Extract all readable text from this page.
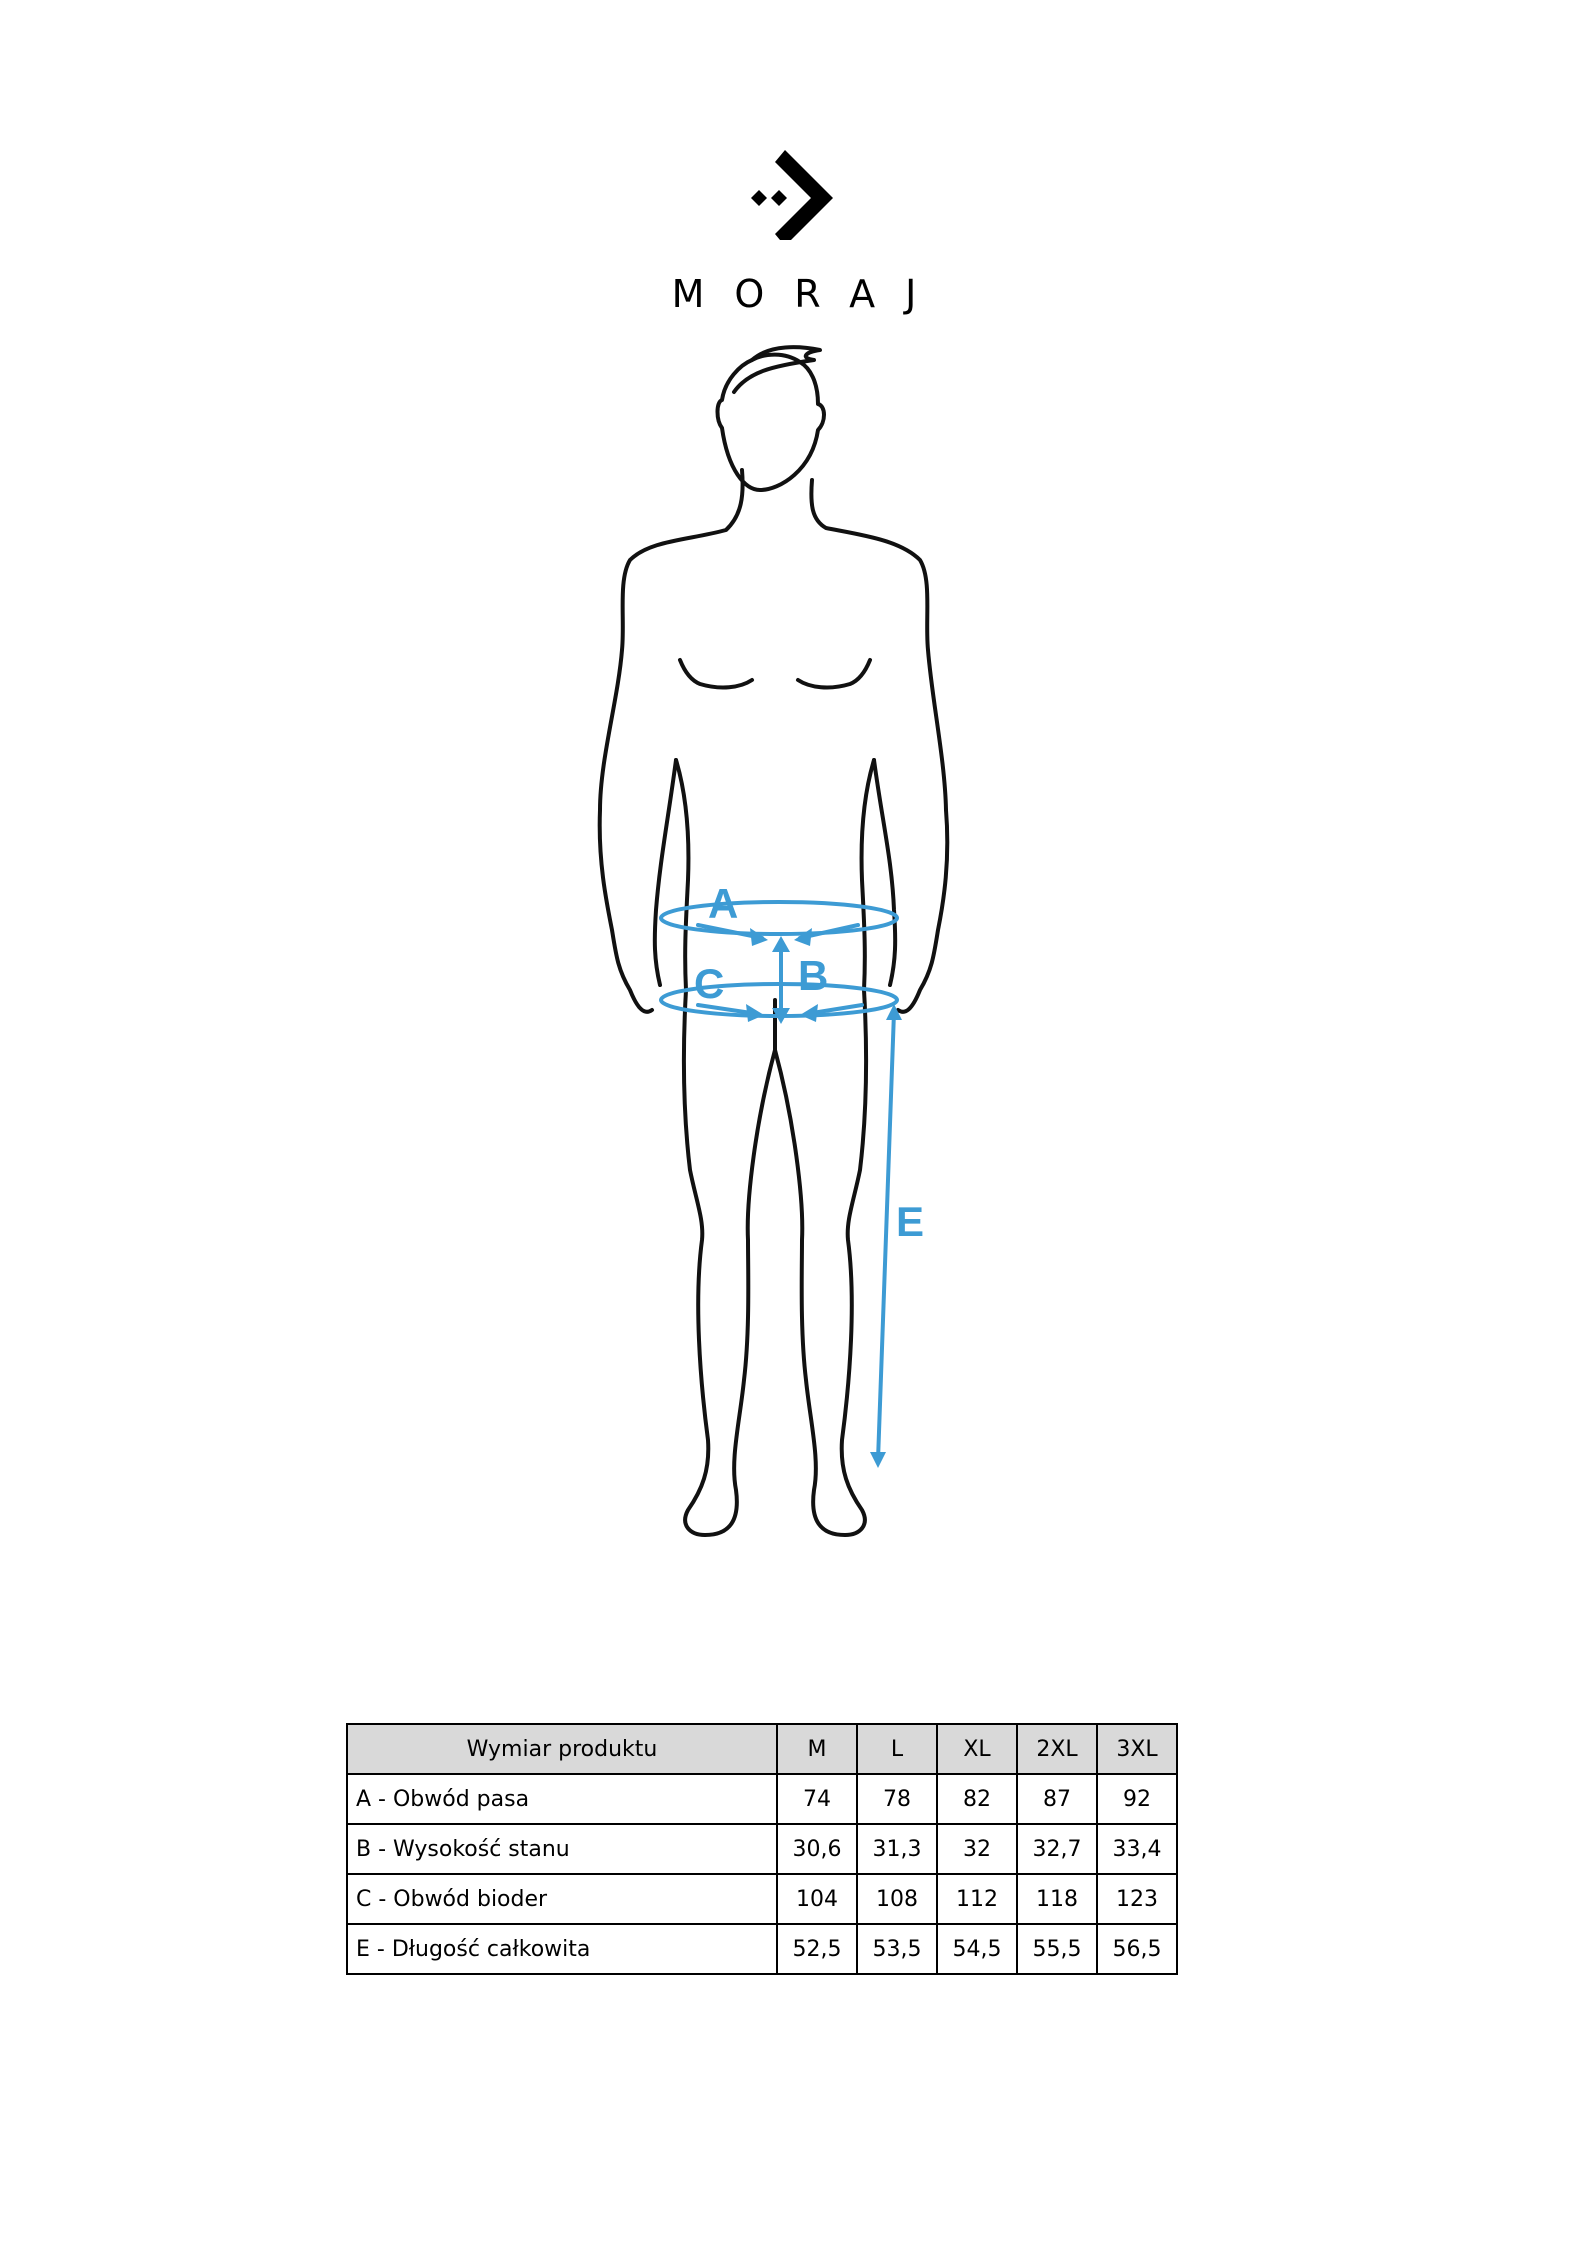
MORAJ
A
B
C
E
Wymiar produktu	M	L	XL	2XL	3XL
A - Obwód pasa	74	78	82	87	92
B - Wysokość stanu	30,6	31,3	32	32,7	33,4
C - Obwód bioder	104	108	112	118	123
E - Długość całkowita	52,5	53,5	54,5	55,5	56,5
